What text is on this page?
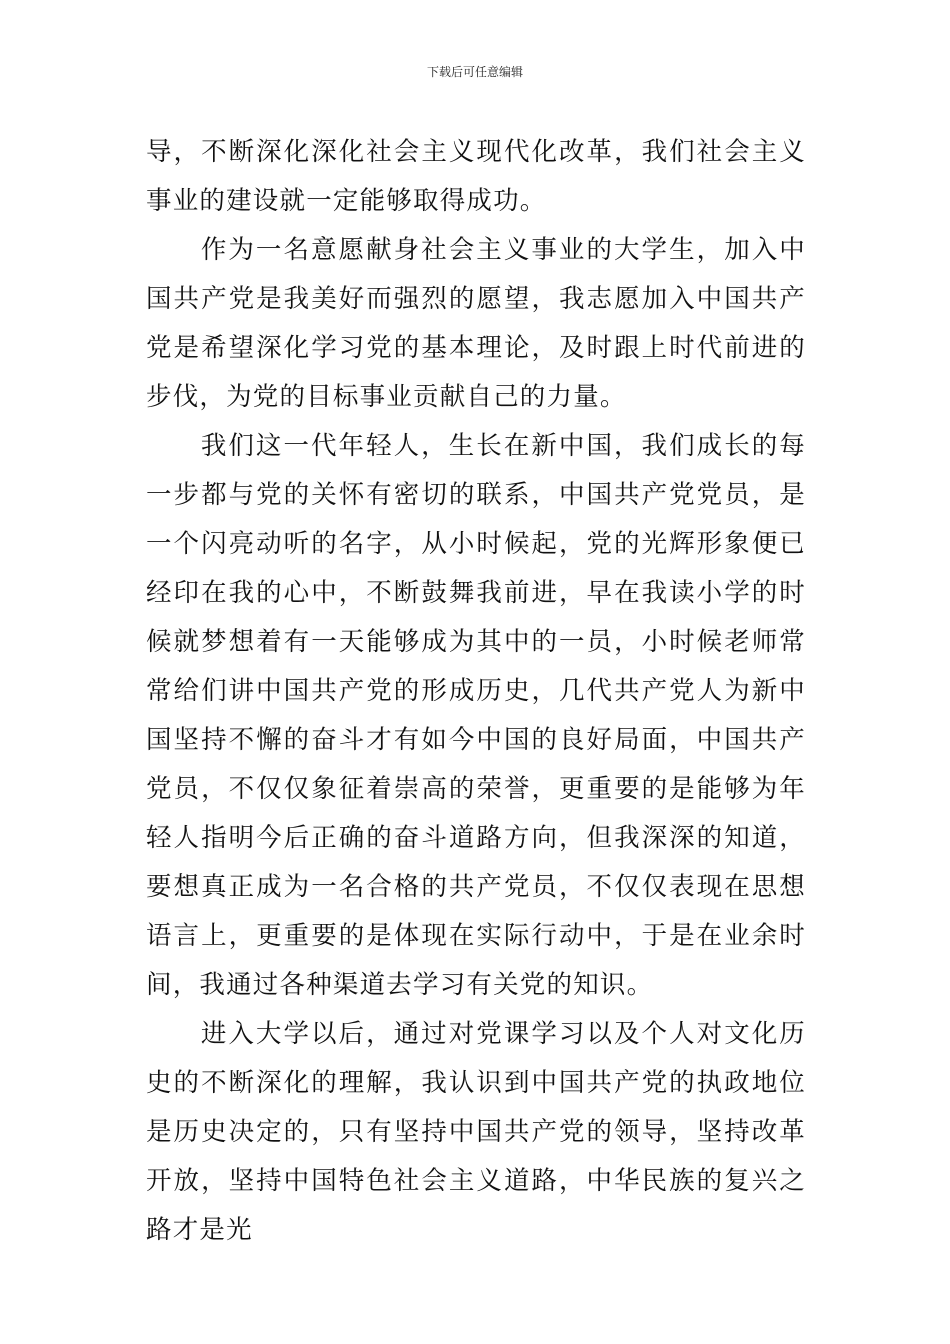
下载后可任意编辑

导，不断深化深化社会主义现代化改革，我们社会主义事业的建设就一定能够取得成功。

作为一名意愿献身社会主义事业的大学生，加入中国共产党是我美好而强烈的愿望，我志愿加入中国共产党是希望深化学习党的基本理论，及时跟上时代前进的步伐，为党的目标事业贡献自己的力量。

我们这一代年轻人，生长在新中国，我们成长的每一步都与党的关怀有密切的联系，中国共产党党员，是一个闪亮动听的名字，从小时候起，党的光辉形象便已经印在我的心中，不断鼓舞我前进，早在我读小学的时候就梦想着有一天能够成为其中的一员，小时候老师常常给们讲中国共产党的形成历史，几代共产党人为新中国坚持不懈的奋斗才有如今中国的良好局面，中国共产党员，不仅仅象征着崇高的荣誉，更重要的是能够为年轻人指明今后正确的奋斗道路方向，但我深深的知道，要想真正成为一名合格的共产党员，不仅仅表现在思想语言上，更重要的是体现在实际行动中，于是在业余时间，我通过各种渠道去学习有关党的知识。

进入大学以后，通过对党课学习以及个人对文化历史的不断深化的理解，我认识到中国共产党的执政地位是历史决定的，只有坚持中国共产党的领导，坚持改革开放，坚持中国特色社会主义道路，中华民族的复兴之路才是光
